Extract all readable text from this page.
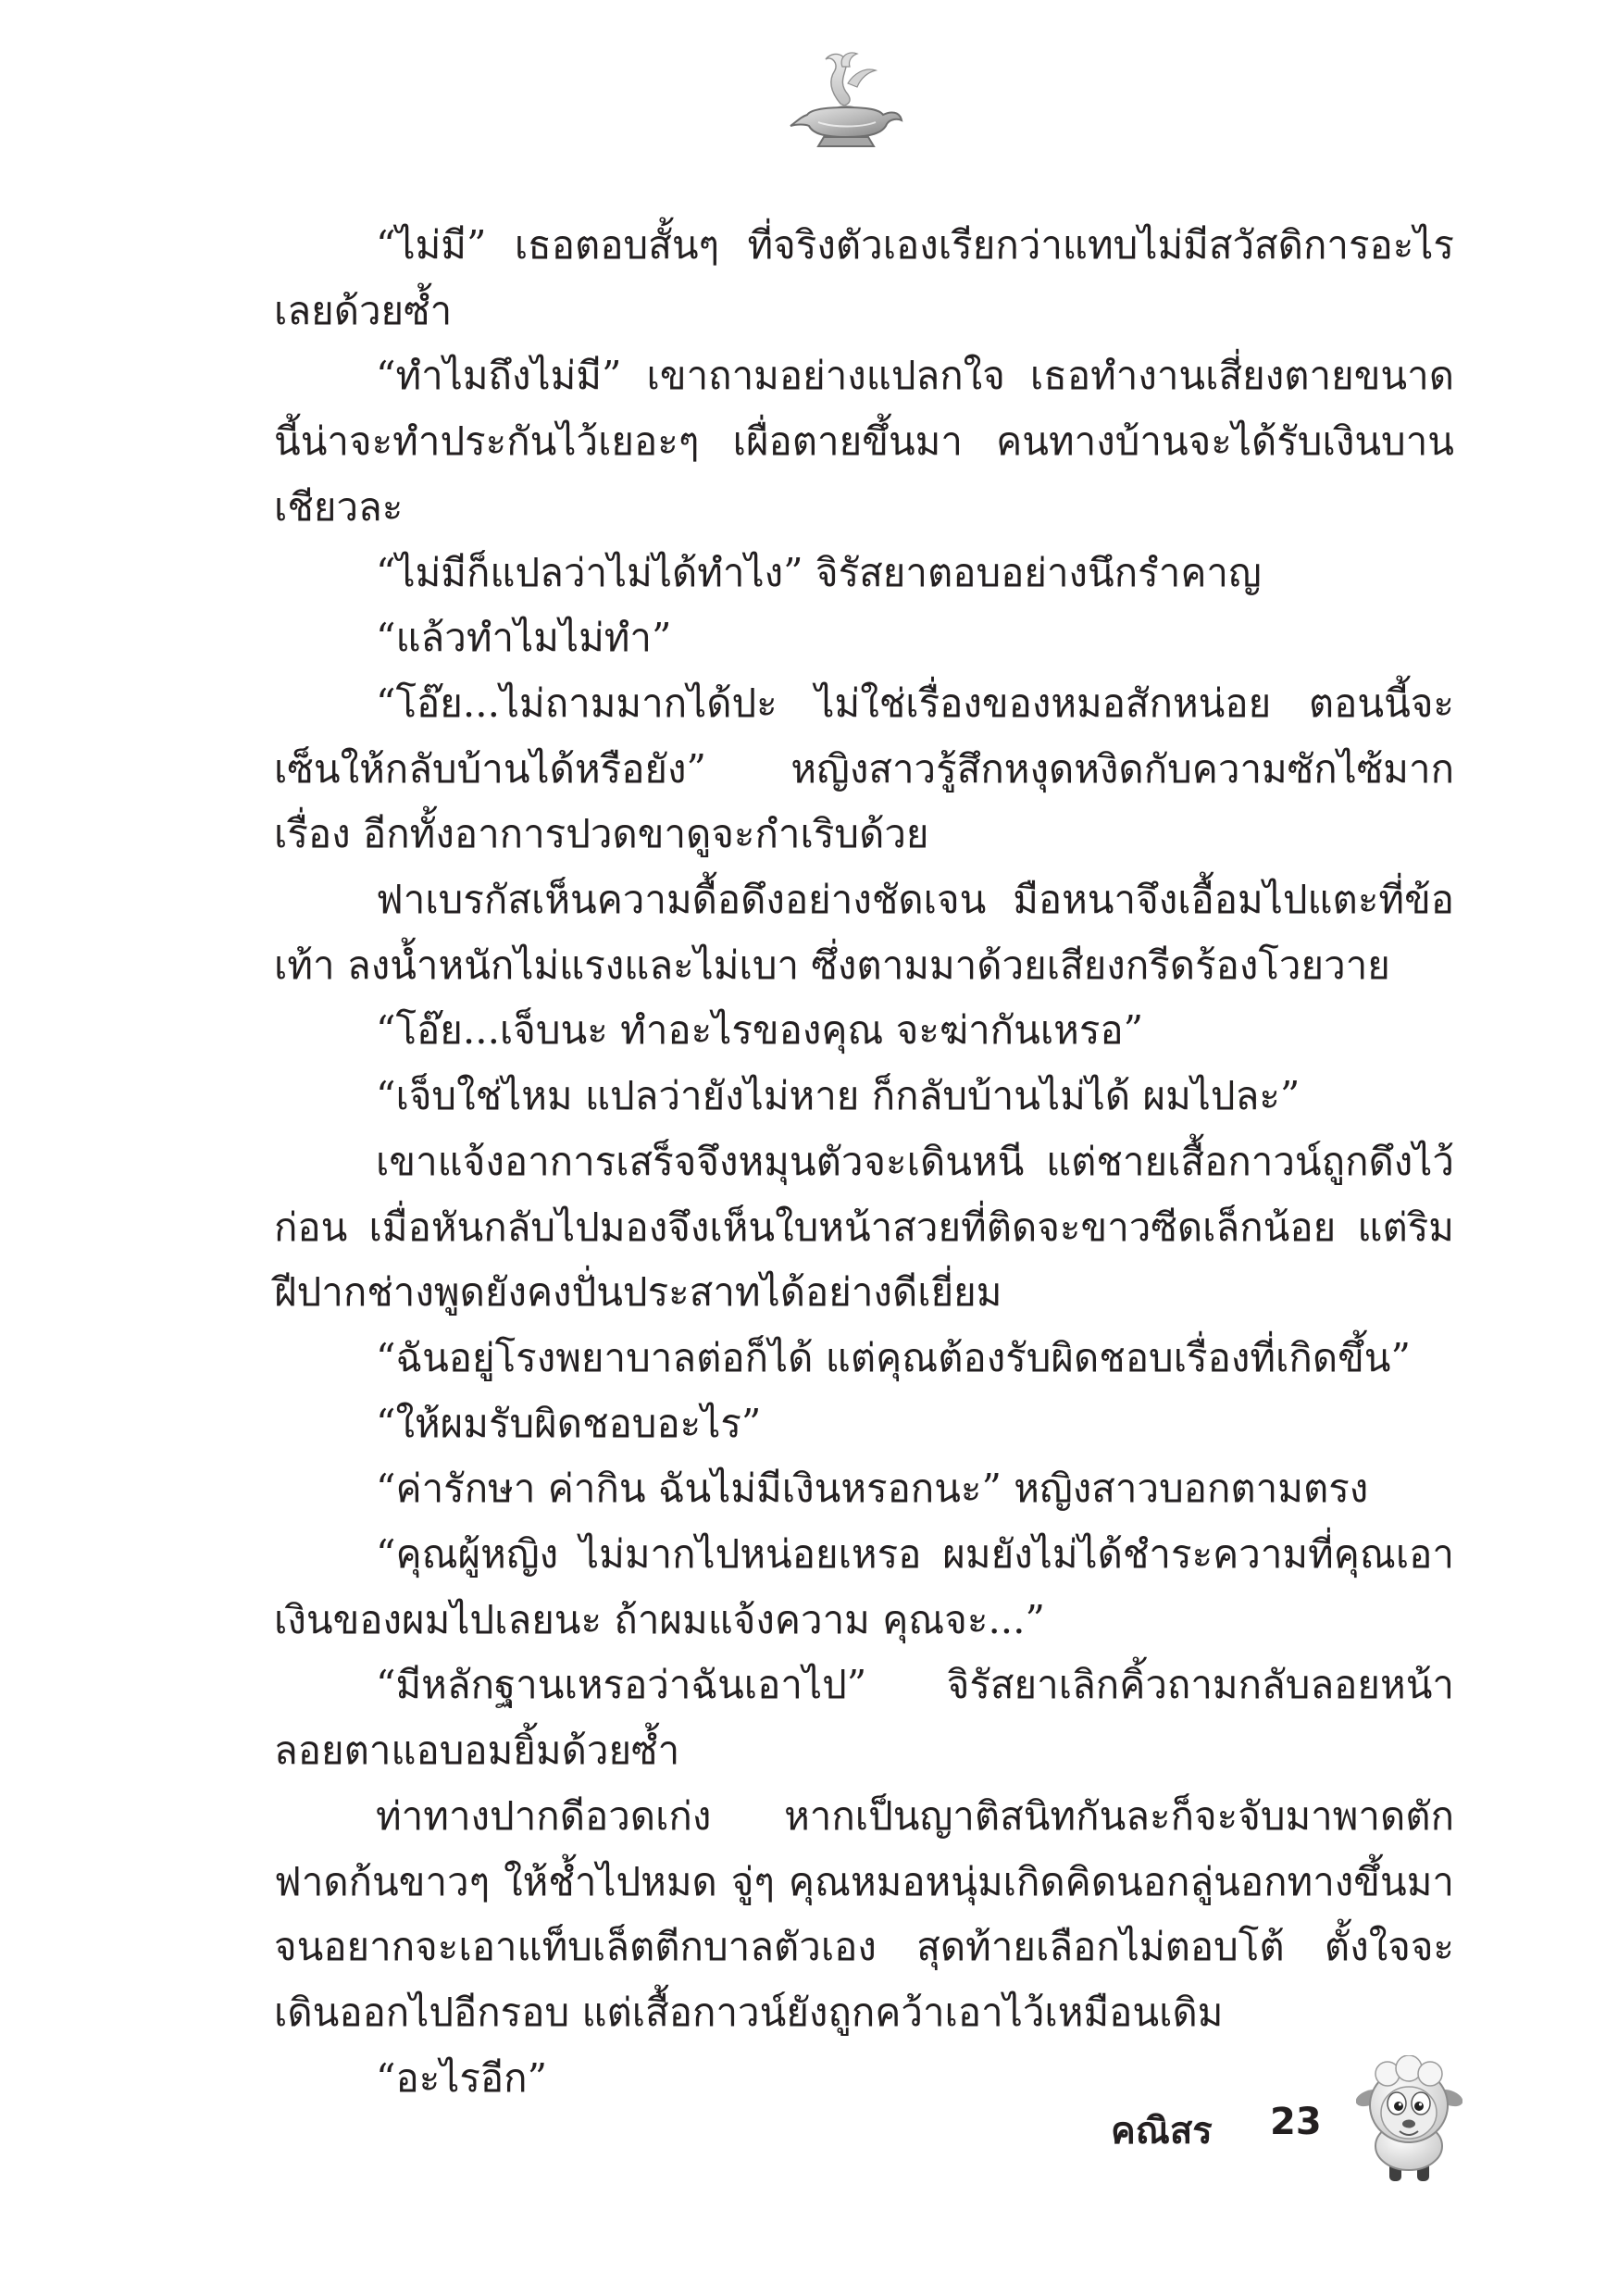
“ไม่มี” เธอตอบสั้นๆ ที่จริงตัวเองเรียกว่าแทบไม่มีสวัสดิการอะไรเลยด้วยซ้ำ

“ทำไมถึงไม่มี” เขาถามอย่างแปลกใจ เธอทำงานเสี่ยงตายขนาดนี้น่าจะทำประกันไว้เยอะๆ เผื่อตายขึ้นมา คนทางบ้านจะได้รับเงินบานเชียวละ

“ไม่มีก็แปลว่าไม่ได้ทำไง” จิรัสยาตอบอย่างนึกรำคาญ

“แล้วทำไมไม่ทำ”

“โอ๊ย...ไม่ถามมากได้ปะ ไม่ใช่เรื่องของหมอสักหน่อย ตอนนี้จะเซ็นให้กลับบ้านได้หรือยัง” หญิงสาวรู้สึกหงุดหงิดกับความซักไซ้มากเรื่อง อีกทั้งอาการปวดขาดูจะกำเริบด้วย

ฟาเบรกัสเห็นความดื้อดึงอย่างชัดเจน มือหนาจึงเอื้อมไปแตะที่ข้อเท้า ลงน้ำหนักไม่แรงและไม่เบา ซึ่งตามมาด้วยเสียงกรีดร้องโวยวาย

“โอ๊ย...เจ็บนะ ทำอะไรของคุณ จะฆ่ากันเหรอ”

“เจ็บใช่ไหม แปลว่ายังไม่หาย ก็กลับบ้านไม่ได้ ผมไปละ”

เขาแจ้งอาการเสร็จจึงหมุนตัวจะเดินหนี แต่ชายเสื้อกาวน์ถูกดึงไว้ก่อน เมื่อหันกลับไปมองจึงเห็นใบหน้าสวยที่ติดจะขาวซีดเล็กน้อย แต่ริมฝีปากช่างพูดยังคงปั่นประสาทได้อย่างดีเยี่ยม

“ฉันอยู่โรงพยาบาลต่อก็ได้ แต่คุณต้องรับผิดชอบเรื่องที่เกิดขึ้น”

“ให้ผมรับผิดชอบอะไร”

“ค่ารักษา ค่ากิน ฉันไม่มีเงินหรอกนะ” หญิงสาวบอกตามตรง

“คุณผู้หญิง ไม่มากไปหน่อยเหรอ ผมยังไม่ได้ชำระความที่คุณเอาเงินของผมไปเลยนะ ถ้าผมแจ้งความ คุณจะ...”

“มีหลักฐานเหรอว่าฉันเอาไป” จิรัสยาเลิกคิ้วถามกลับลอยหน้าลอยตาแอบอมยิ้มด้วยซ้ำ

ท่าทางปากดีอวดเก่ง หากเป็นญาติสนิทกันละก็จะจับมาพาดตักฟาดก้นขาวๆ ให้ช้ำไปหมด จู่ๆ คุณหมอหนุ่มเกิดคิดนอกลู่นอกทางขึ้นมาจนอยากจะเอาแท็บเล็ตตีกบาลตัวเอง สุดท้ายเลือกไม่ตอบโต้ ตั้งใจจะเดินออกไปอีกรอบ แต่เสื้อกาวน์ยังถูกคว้าเอาไว้เหมือนเดิม

“อะไรอีก”

คณิสร 23
